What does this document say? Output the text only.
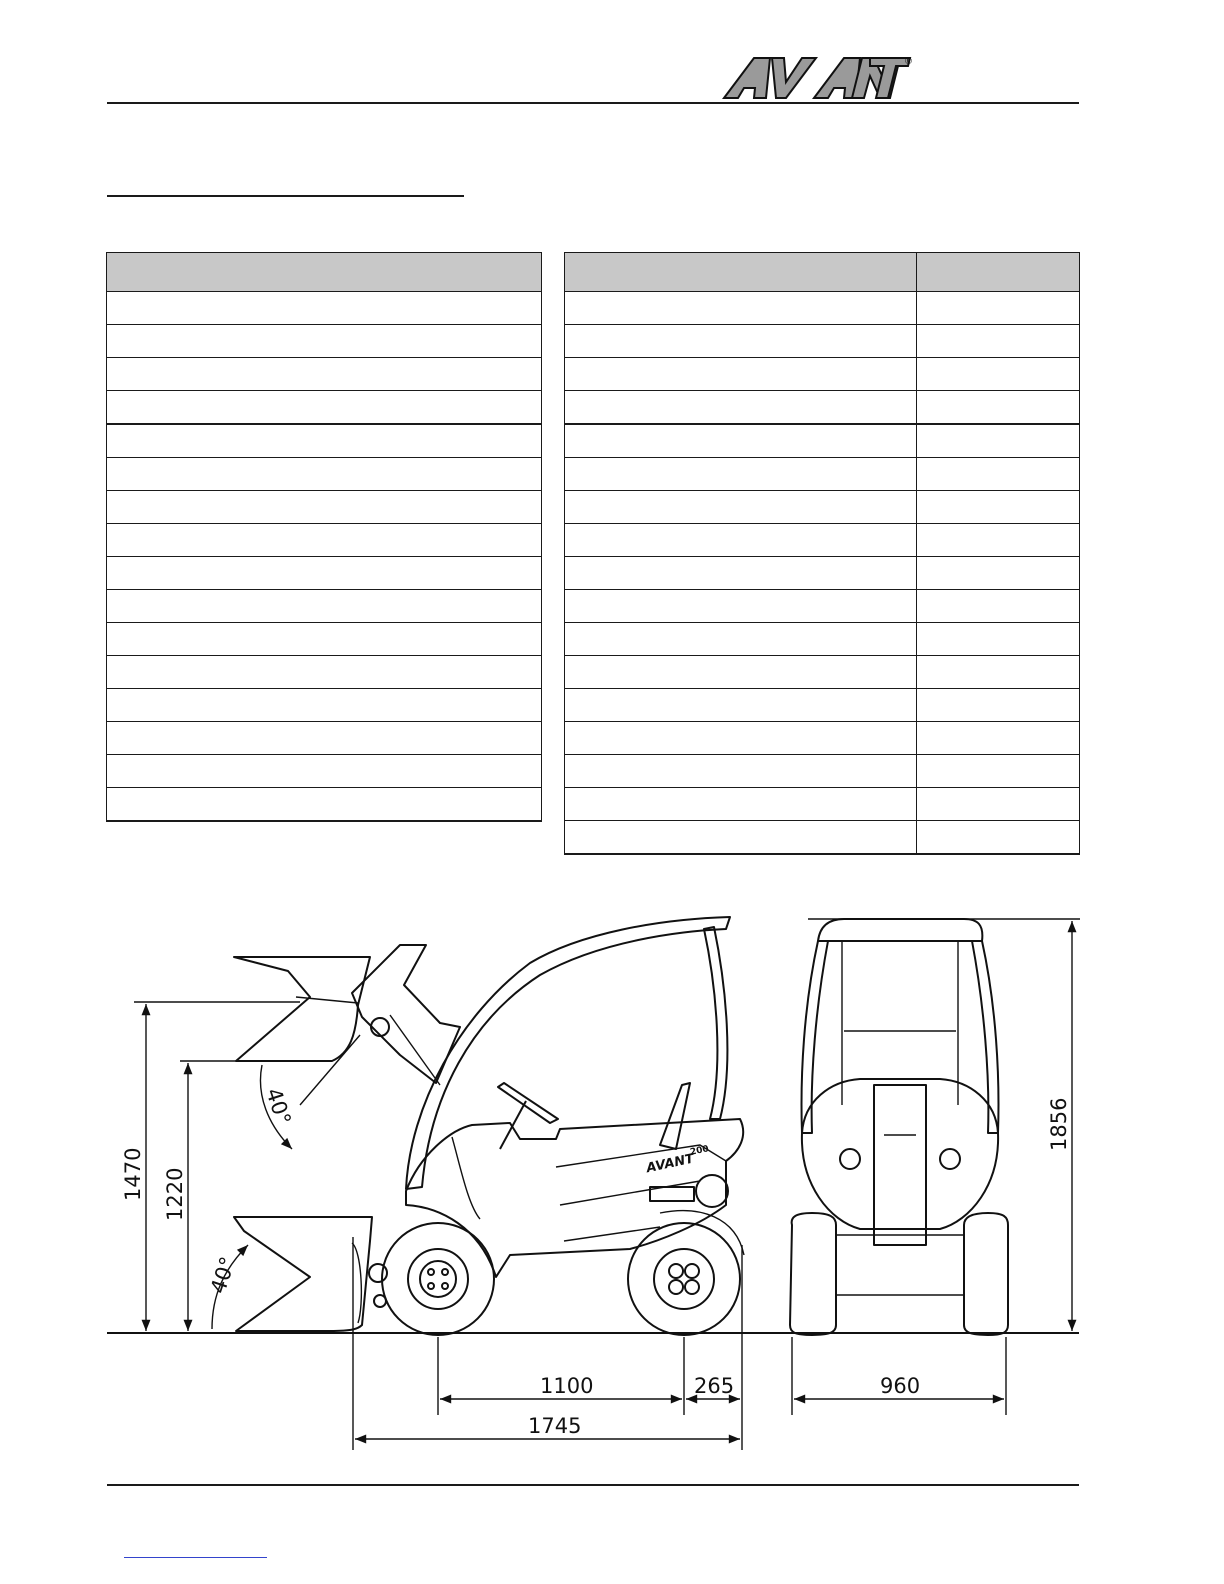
®

AVANT
200
1470 1220
1856
40°
40°
1100	265	960
1745
